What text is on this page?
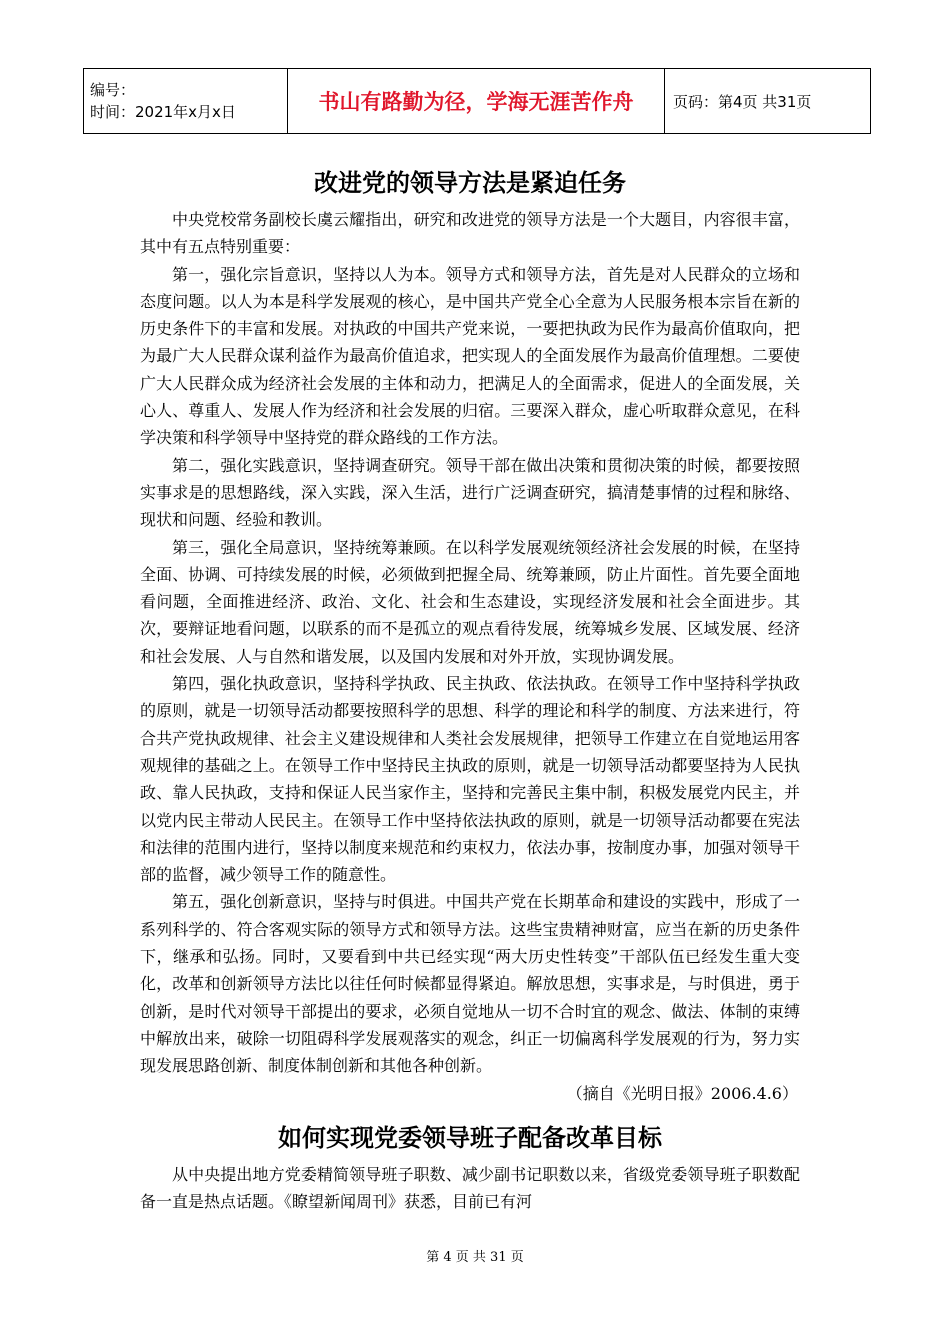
编号：
时间：2021年x月x日	书山有路勤为径，学海无涯苦作舟	页码：第4页 共31页
改进党的领导方法是紧迫任务

中央党校常务副校长虞云耀指出，研究和改进党的领导方法是一个大题目，内容很丰富，其中有五点特别重要：

第一，强化宗旨意识，坚持以人为本。领导方式和领导方法，首先是对人民群众的立场和态度问题。以人为本是科学发展观的核心，是中国共产党全心全意为人民服务根本宗旨在新的历史条件下的丰富和发展。对执政的中国共产党来说，一要把执政为民作为最高价值取向，把为最广大人民群众谋利益作为最高价值追求，把实现人的全面发展作为最高价值理想。二要使广大人民群众成为经济社会发展的主体和动力，把满足人的全面需求，促进人的全面发展，关心人、尊重人、发展人作为经济和社会发展的归宿。三要深入群众，虚心听取群众意见，在科学决策和科学领导中坚持党的群众路线的工作方法。

第二，强化实践意识，坚持调查研究。领导干部在做出决策和贯彻决策的时候，都要按照实事求是的思想路线，深入实践，深入生活，进行广泛调查研究，搞清楚事情的过程和脉络、现状和问题、经验和教训。

第三，强化全局意识，坚持统筹兼顾。在以科学发展观统领经济社会发展的时候，在坚持全面、协调、可持续发展的时候，必须做到把握全局、统筹兼顾，防止片面性。首先要全面地看问题，全面推进经济、政治、文化、社会和生态建设，实现经济发展和社会全面进步。其次，要辩证地看问题，以联系的而不是孤立的观点看待发展，统筹城乡发展、区域发展、经济和社会发展、人与自然和谐发展，以及国内发展和对外开放，实现协调发展。

第四，强化执政意识，坚持科学执政、民主执政、依法执政。在领导工作中坚持科学执政的原则，就是一切领导活动都要按照科学的思想、科学的理论和科学的制度、方法来进行，符合共产党执政规律、社会主义建设规律和人类社会发展规律，把领导工作建立在自觉地运用客观规律的基础之上。在领导工作中坚持民主执政的原则，就是一切领导活动都要坚持为人民执政、靠人民执政，支持和保证人民当家作主，坚持和完善民主集中制，积极发展党内民主，并以党内民主带动人民民主。在领导工作中坚持依法执政的原则，就是一切领导活动都要在宪法和法律的范围内进行，坚持以制度来规范和约束权力，依法办事，按制度办事，加强对领导干部的监督，减少领导工作的随意性。

第五，强化创新意识，坚持与时俱进。中国共产党在长期革命和建设的实践中，形成了一系列科学的、符合客观实际的领导方式和领导方法。这些宝贵精神财富，应当在新的历史条件下，继承和弘扬。同时，又要看到中共已经实现“两大历史性转变”干部队伍已经发生重大变化，改革和创新领导方法比以往任何时候都显得紧迫。解放思想，实事求是，与时俱进，勇于创新，是时代对领导干部提出的要求，必须自觉地从一切不合时宜的观念、做法、体制的束缚中解放出来，破除一切阻碍科学发展观落实的观念，纠正一切偏离科学发展观的行为，努力实现发展思路创新、制度体制创新和其他各种创新。

（摘自《光明日报》2006.4.6）

如何实现党委领导班子配备改革目标

从中央提出地方党委精简领导班子职数、减少副书记职数以来，省级党委领导班子职数配备一直是热点话题。《瞭望新闻周刊》获悉，目前已有河

第 4 页 共 31 页
